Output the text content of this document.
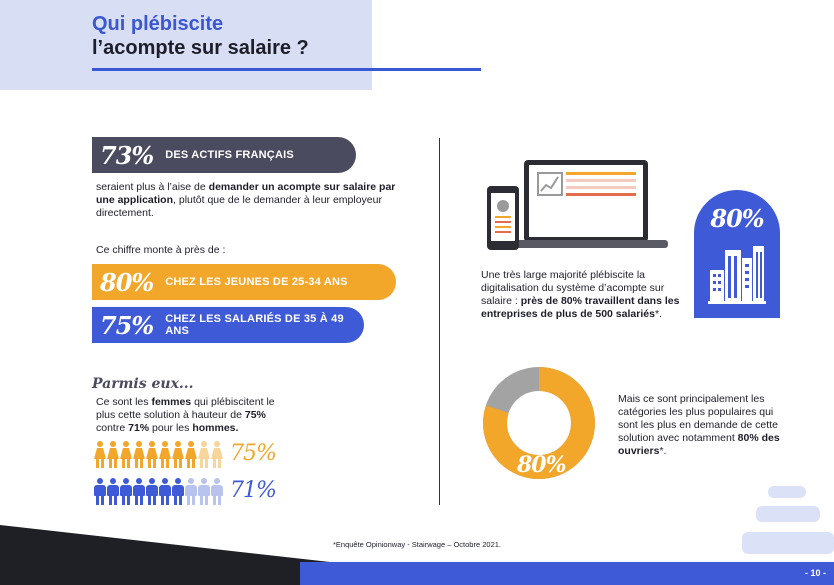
Qui plébiscite
l’acompte sur salaire ?
73% DES ACTIFS FRANÇAIS
seraient plus à l’aise de demander un acompte sur salaire par une application, plutôt que de le demander à leur employeur directement.
Ce chiffre monte à près de :
80% CHEZ LES JEUNES DE 25-34 ANS
75% CHEZ LES SALARIÉS DE 35 À 49 ANS
Parmis eux...
Ce sont les femmes qui plébiscitent le plus cette solution à hauteur de 75% contre 71% pour les hommes.
75%
71%
Une très large majorité plébiscite la digitalisation du système d’acompte sur salaire : près de 80% travaillent dans les entreprises de plus de 500 salariés*.
80%
80%
Mais ce sont principalement les catégories les plus populaires qui sont les plus en demande de cette solution avec notamment 80% des ouvriers*.
*Enquête Opinionway - Stairwage – Octobre 2021.
- 10 -
